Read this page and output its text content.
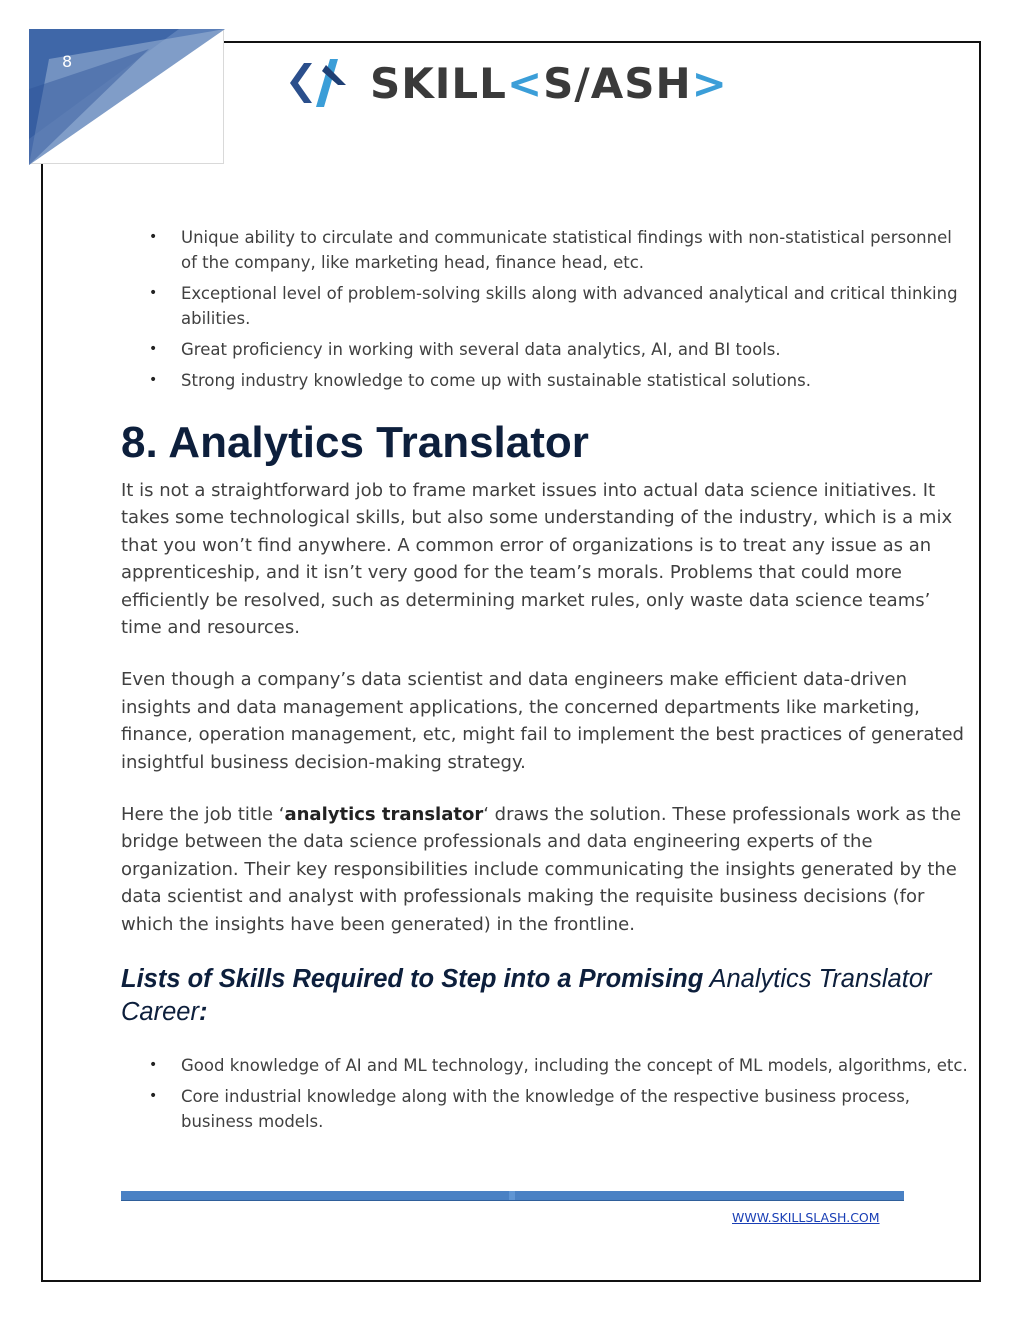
8	SKILL<S/ASH>
• Unique ability to circulate and communicate statistical findings with non-statistical personnel of the company, like marketing head, finance head, etc.
• Exceptional level of problem-solving skills along with advanced analytical and critical thinking abilities.
• Great proficiency in working with several data analytics, AI, and BI tools.
• Strong industry knowledge to come up with sustainable statistical solutions.
8. Analytics Translator

It is not a straightforward job to frame market issues into actual data science initiatives. It takes some technological skills, but also some understanding of the industry, which is a mix that you won’t find anywhere. A common error of organizations is to treat any issue as an apprenticeship, and it isn’t very good for the team’s morals. Problems that could more efficiently be resolved, such as determining market rules, only waste data science teams’ time and resources.

Even though a company’s data scientist and data engineers make efficient data-driven insights and data management applications, the concerned departments like marketing, finance, operation management, etc, might fail to implement the best practices of generated insightful business decision-making strategy.

Here the job title ‘analytics translator‘ draws the solution. These professionals work as the bridge between the data science professionals and data engineering experts of the organization. Their key responsibilities include communicating the insights generated by the data scientist and analyst with professionals making the requisite business decisions (for which the insights have been generated) in the frontline.

Lists of Skills Required to Step into a Promising Analytics Translator Career:
• Good knowledge of AI and ML technology, including the concept of ML models, algorithms, etc.
• Core industrial knowledge along with the knowledge of the respective business process, business models.
WWW.SKILLSLASH.COM
